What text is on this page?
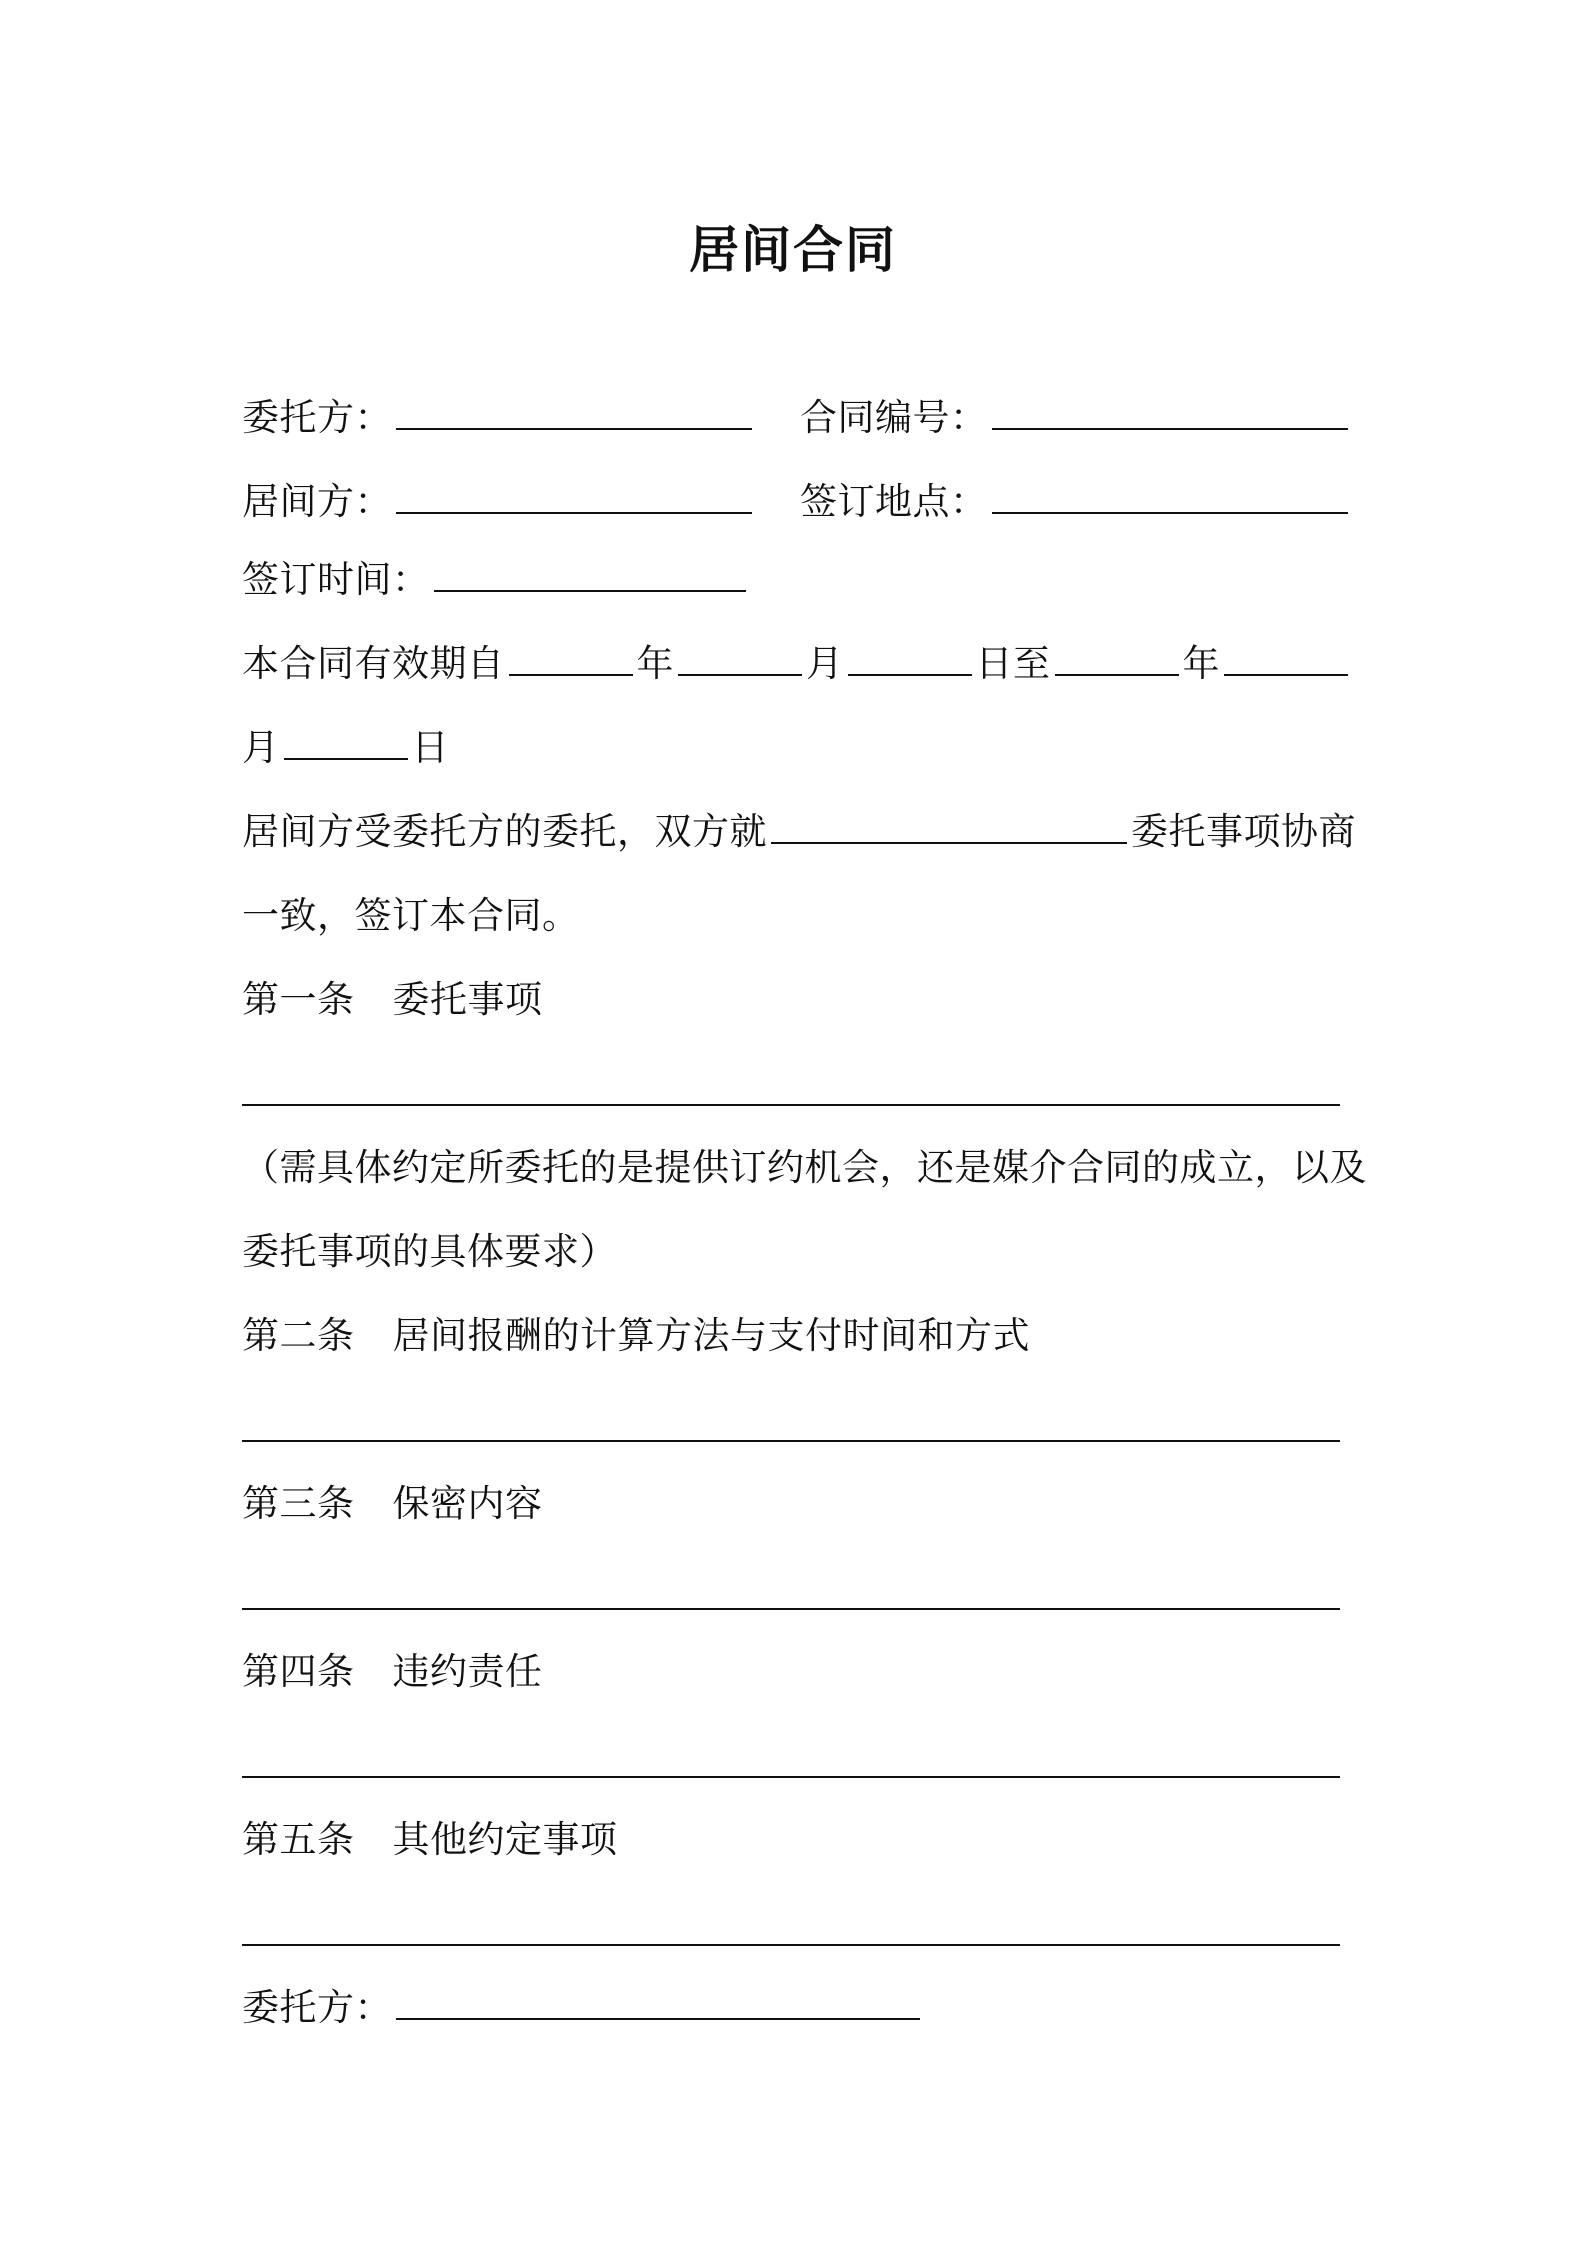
居间合同
委托方：	合同编号：
居间方：	签订地点：
签订时间：
本合同有效期自	年	月	日至	年
月	日
居间方受委托方的委托，双方就	委托事项协商
一致，签订本合同。
第一条 委托事项
（需具体约定所委托的是提供订约机会，还是媒介合同的成立，以及
委托事项的具体要求）
第二条 居间报酬的计算方法与支付时间和方式
第三条 保密内容
第四条 违约责任
第五条 其他约定事项
委托方：
